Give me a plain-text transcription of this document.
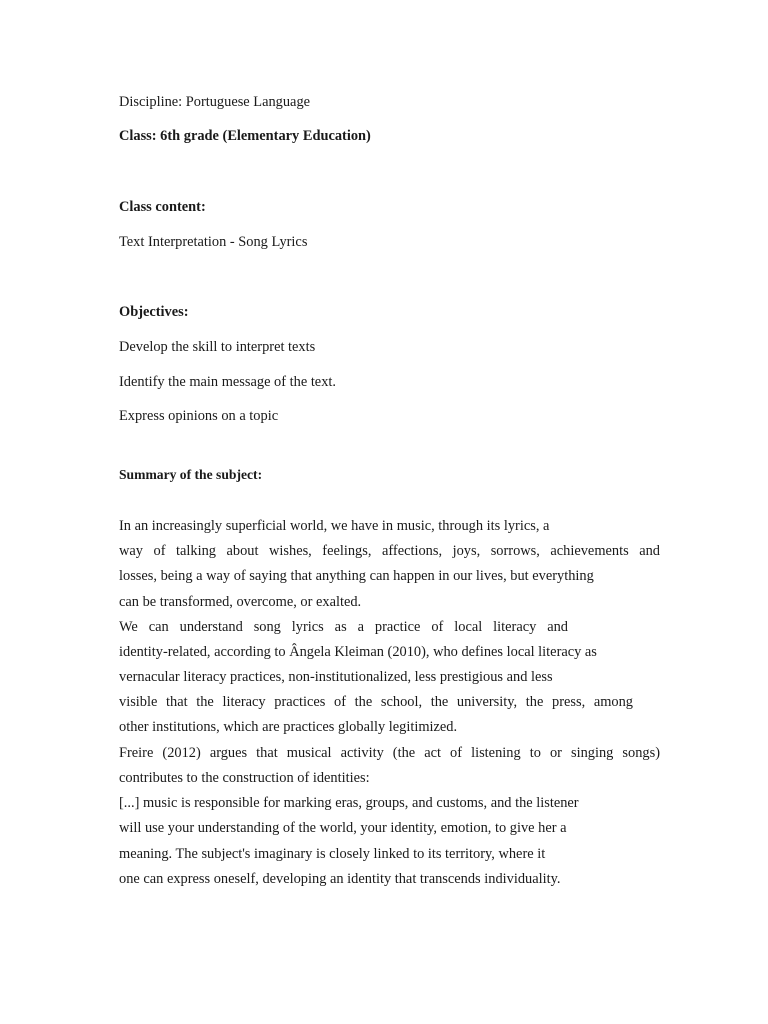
Discipline: Portuguese Language
Class: 6th grade (Elementary Education)
Class content:
Text Interpretation - Song Lyrics
Objectives:
Develop the skill to interpret texts
Identify the main message of the text.
Express opinions on a topic
Summary of the subject:
In an increasingly superficial world, we have in music, through its lyrics, a
way of talking about wishes, feelings, affections, joys, sorrows, achievements and
losses, being a way of saying that anything can happen in our lives, but everything
can be transformed, overcome, or exalted.
We can understand song lyrics as a practice of local literacy and
identity-related, according to Ângela Kleiman (2010), who defines local literacy as
vernacular literacy practices, non-institutionalized, less prestigious and less
visible that the literacy practices of the school, the university, the press, among
other institutions, which are practices globally legitimized.
Freire (2012) argues that musical activity (the act of listening to or singing songs)
contributes to the construction of identities:
[...] music is responsible for marking eras, groups, and customs, and the listener
will use your understanding of the world, your identity, emotion, to give her a
meaning. The subject's imaginary is closely linked to its territory, where it
one can express oneself, developing an identity that transcends individuality.
